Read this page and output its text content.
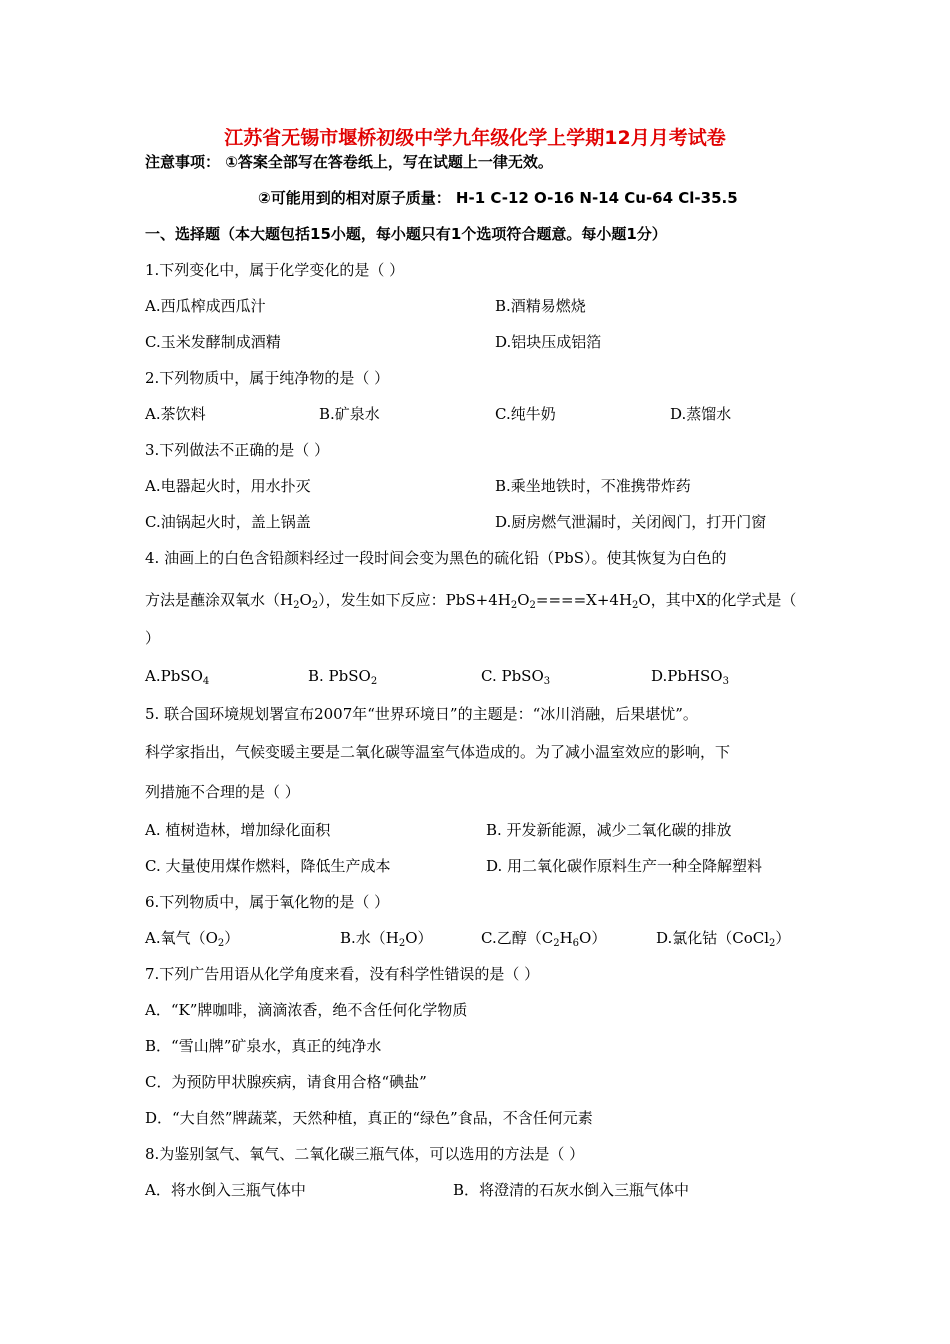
江苏省无锡市堰桥初级中学九年级化学上学期12月月考试卷
注意事项： ①答案全部写在答卷纸上，写在试题上一律无效。
②可能用到的相对原子质量： H-1 C-12 O-16 N-14 Cu-64 Cl-35.5
一、选择题（本大题包括15小题，每小题只有1个选项符合题意。每小题1分）
1.下列变化中，属于化学变化的是（ ）
A.西瓜榨成西瓜汁	B.酒精易燃烧
C.玉米发酵制成酒精	D.铝块压成铝箔
2.下列物质中，属于纯净物的是（ ）
A.茶饮料	B.矿泉水	C.纯牛奶	D.蒸馏水
3.下列做法不正确的是（ ）
A.电器起火时，用水扑灭	B.乘坐地铁时，不准携带炸药
C.油锅起火时，盖上锅盖	D.厨房燃气泄漏时，关闭阀门，打开门窗
4. 油画上的白色含铅颜料经过一段时间会变为黑色的硫化铅（PbS）。使其恢复为白色的
方法是蘸涂双氧水$(H_2O_2)$，发生如下反应：$PbS+4H_2O_2====X+4H_2O$，其中X的化学式是（
）
A.PbSO$_4$	B. PbSO$_2$	C. PbSO$_3$	D.PbHSO$_3$
5. 联合国环境规划署宣布2007年“世界环境日”的主题是：“冰川消融，后果堪忧”。
科学家指出，气候变暖主要是二氧化碳等温室气体造成的。为了减小温室效应的影响，下
列措施不合理的是（ ）
A. 植树造林，增加绿化面积	B. 开发新能源，减少二氧化碳的排放
C. 大量使用煤作燃料，降低生产成本	D. 用二氧化碳作原料生产一种全降解塑料
6.下列物质中，属于氧化物的是（ ）
A.氧气$(O_2)$	B.水$(H_2O)$	C.乙醇$(C_2H_6O)$	D.氯化钴（CoCl$_2$）
7.下列广告用语从化学角度来看，没有科学性错误的是（ ）
A．“K”牌咖啡，滴滴浓香，绝不含任何化学物质
B．“雪山牌”矿泉水，真正的纯净水
C．为预防甲状腺疾病，请食用合格“碘盐”
D．“大自然”牌蔬菜，天然种植，真正的“绿色”食品，不含任何元素
8.为鉴别氢气、氧气、二氧化碳三瓶气体，可以选用的方法是（ ）
A．将水倒入三瓶气体中	B．将澄清的石灰水倒入三瓶气体中
